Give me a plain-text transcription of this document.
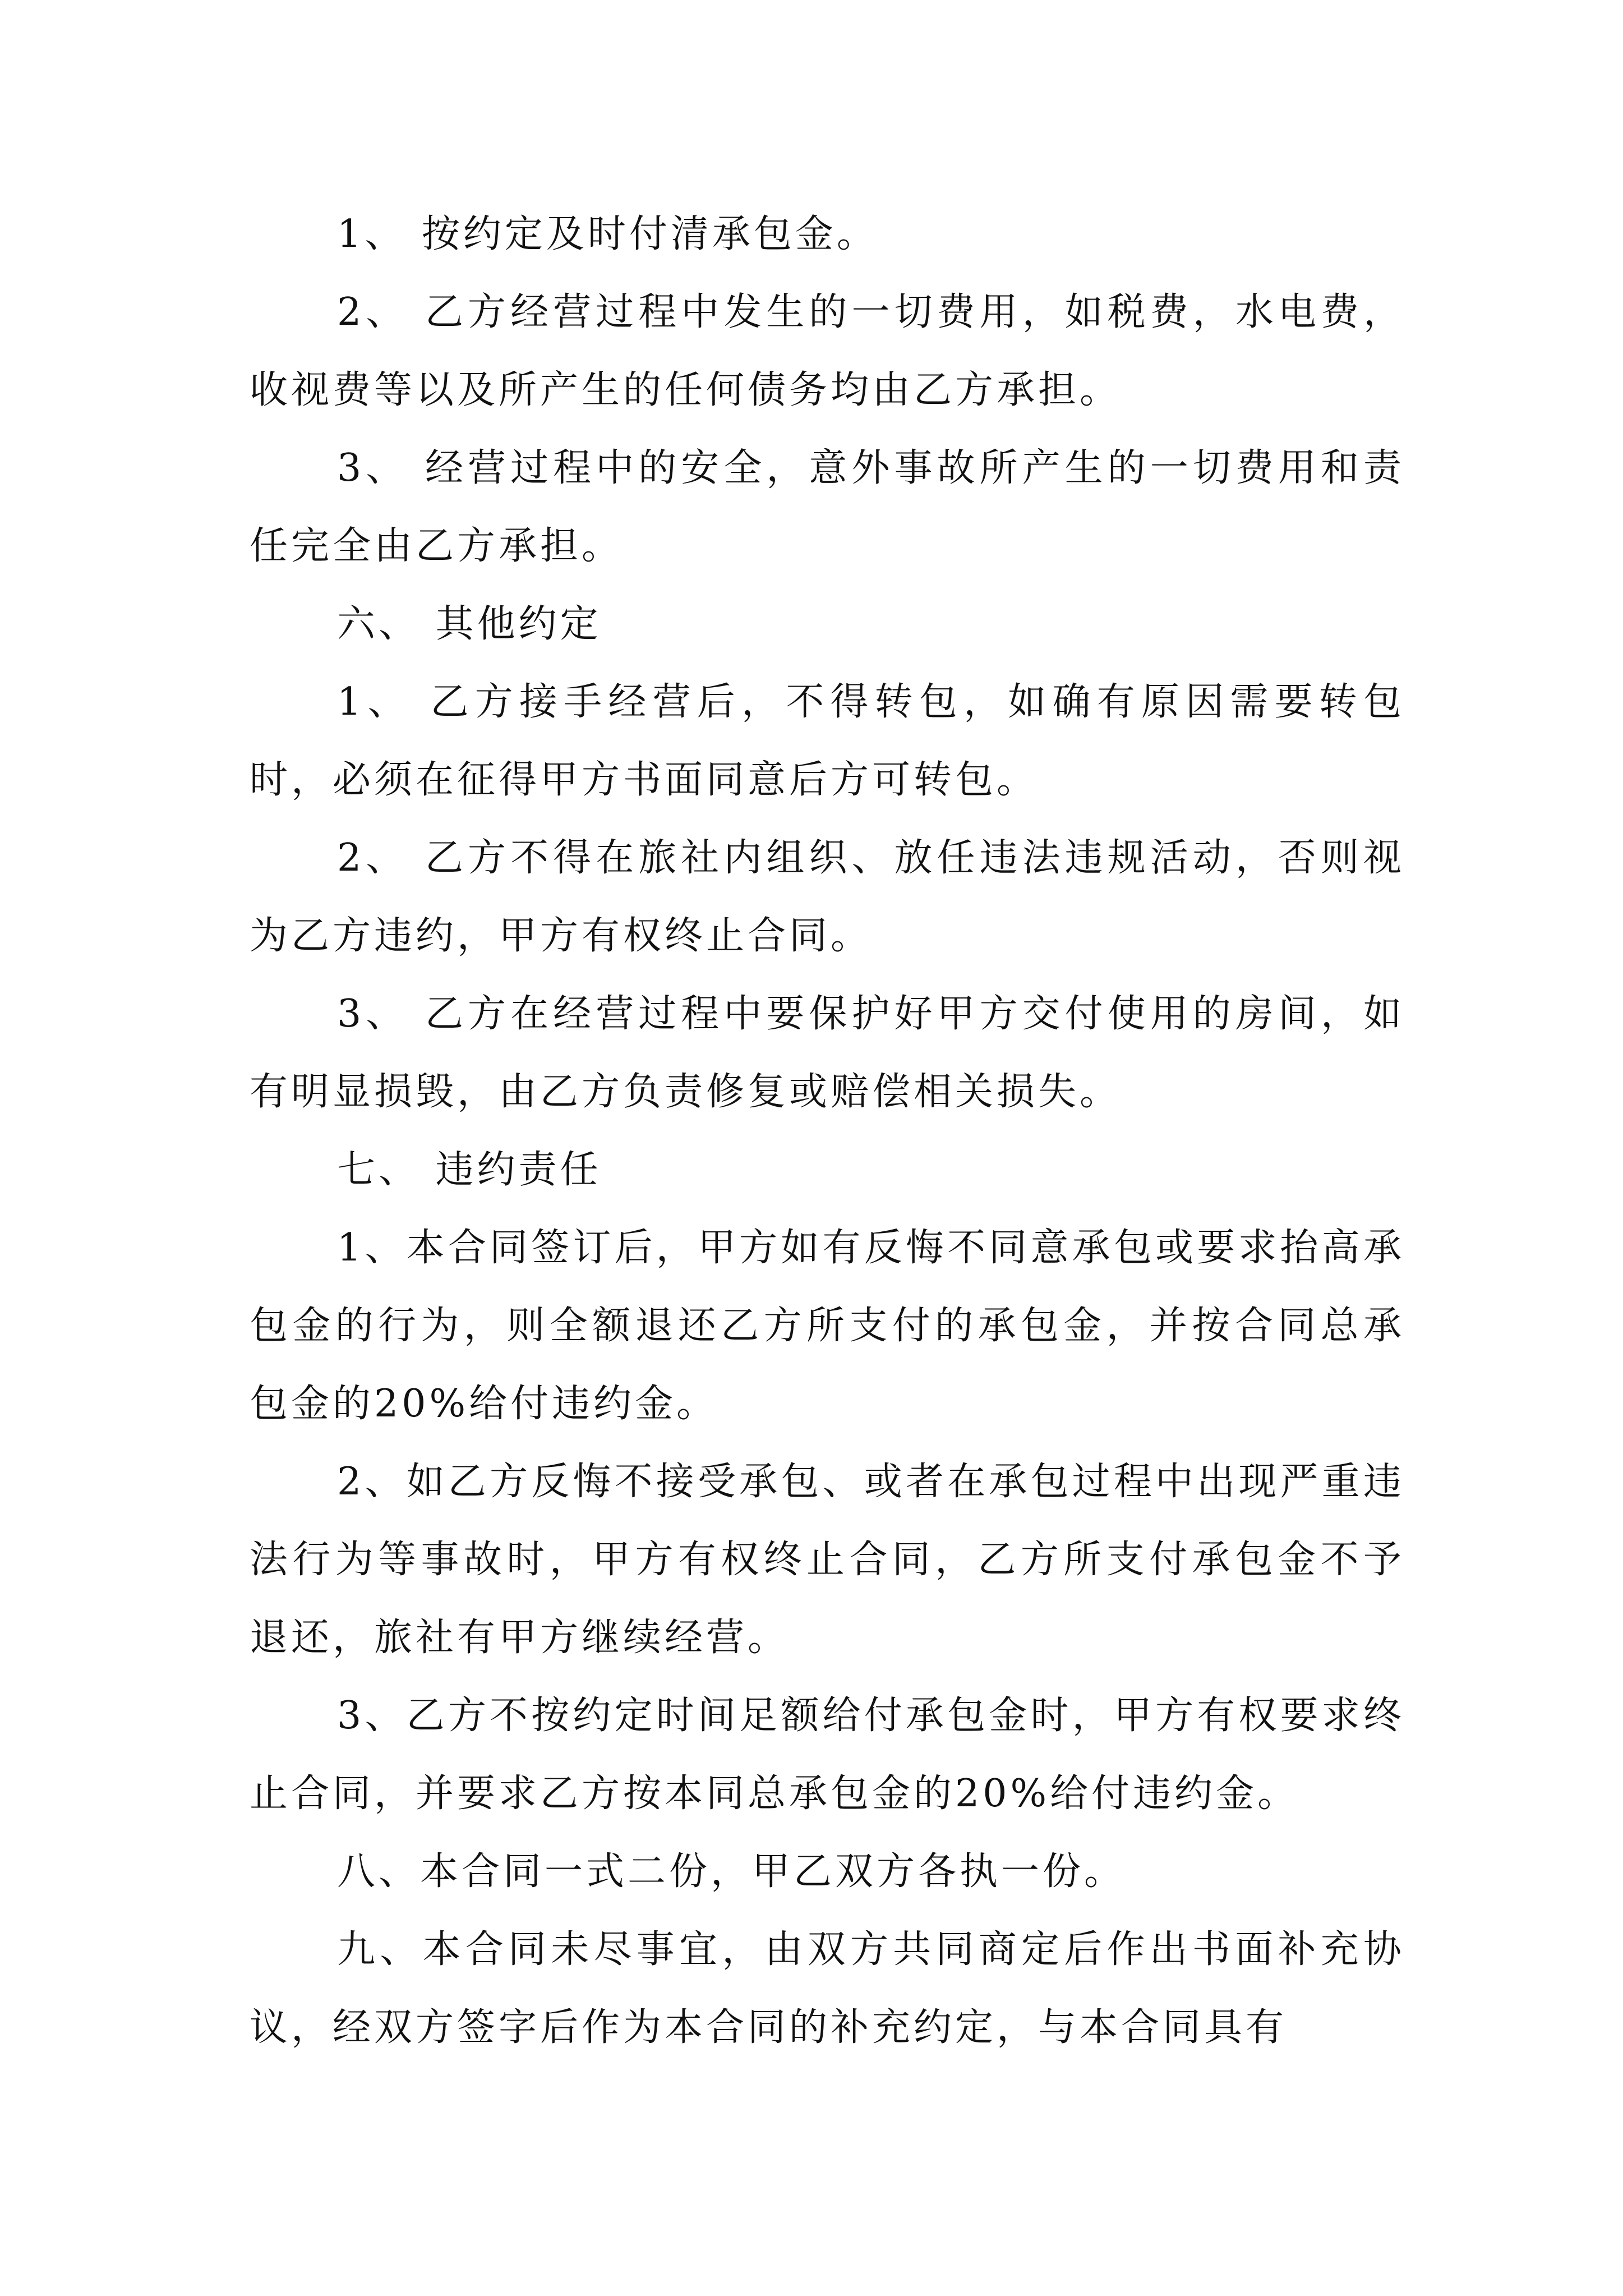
1、 按约定及时付清承包金。

2、 乙方经营过程中发生的一切费用，如税费，水电费，收视费等以及所产生的任何债务均由乙方承担。

3、 经营过程中的安全，意外事故所产生的一切费用和责任完全由乙方承担。

六、 其他约定

1、 乙方接手经营后，不得转包，如确有原因需要转包时，必须在征得甲方书面同意后方可转包。

2、 乙方不得在旅社内组织、放任违法违规活动，否则视为乙方违约，甲方有权终止合同。

3、 乙方在经营过程中要保护好甲方交付使用的房间，如有明显损毁，由乙方负责修复或赔偿相关损失。

七、 违约责任

1、本合同签订后，甲方如有反悔不同意承包或要求抬高承包金的行为，则全额退还乙方所支付的承包金，并按合同总承包金的20%给付违约金。

2、如乙方反悔不接受承包、或者在承包过程中出现严重违法行为等事故时，甲方有权终止合同，乙方所支付承包金不予退还，旅社有甲方继续经营。

3、乙方不按约定时间足额给付承包金时，甲方有权要求终止合同，并要求乙方按本同总承包金的20%给付违约金。

八、本合同一式二份，甲乙双方各执一份。

九、本合同未尽事宜，由双方共同商定后作出书面补充协议，经双方签字后作为本合同的补充约定，与本合同具有
